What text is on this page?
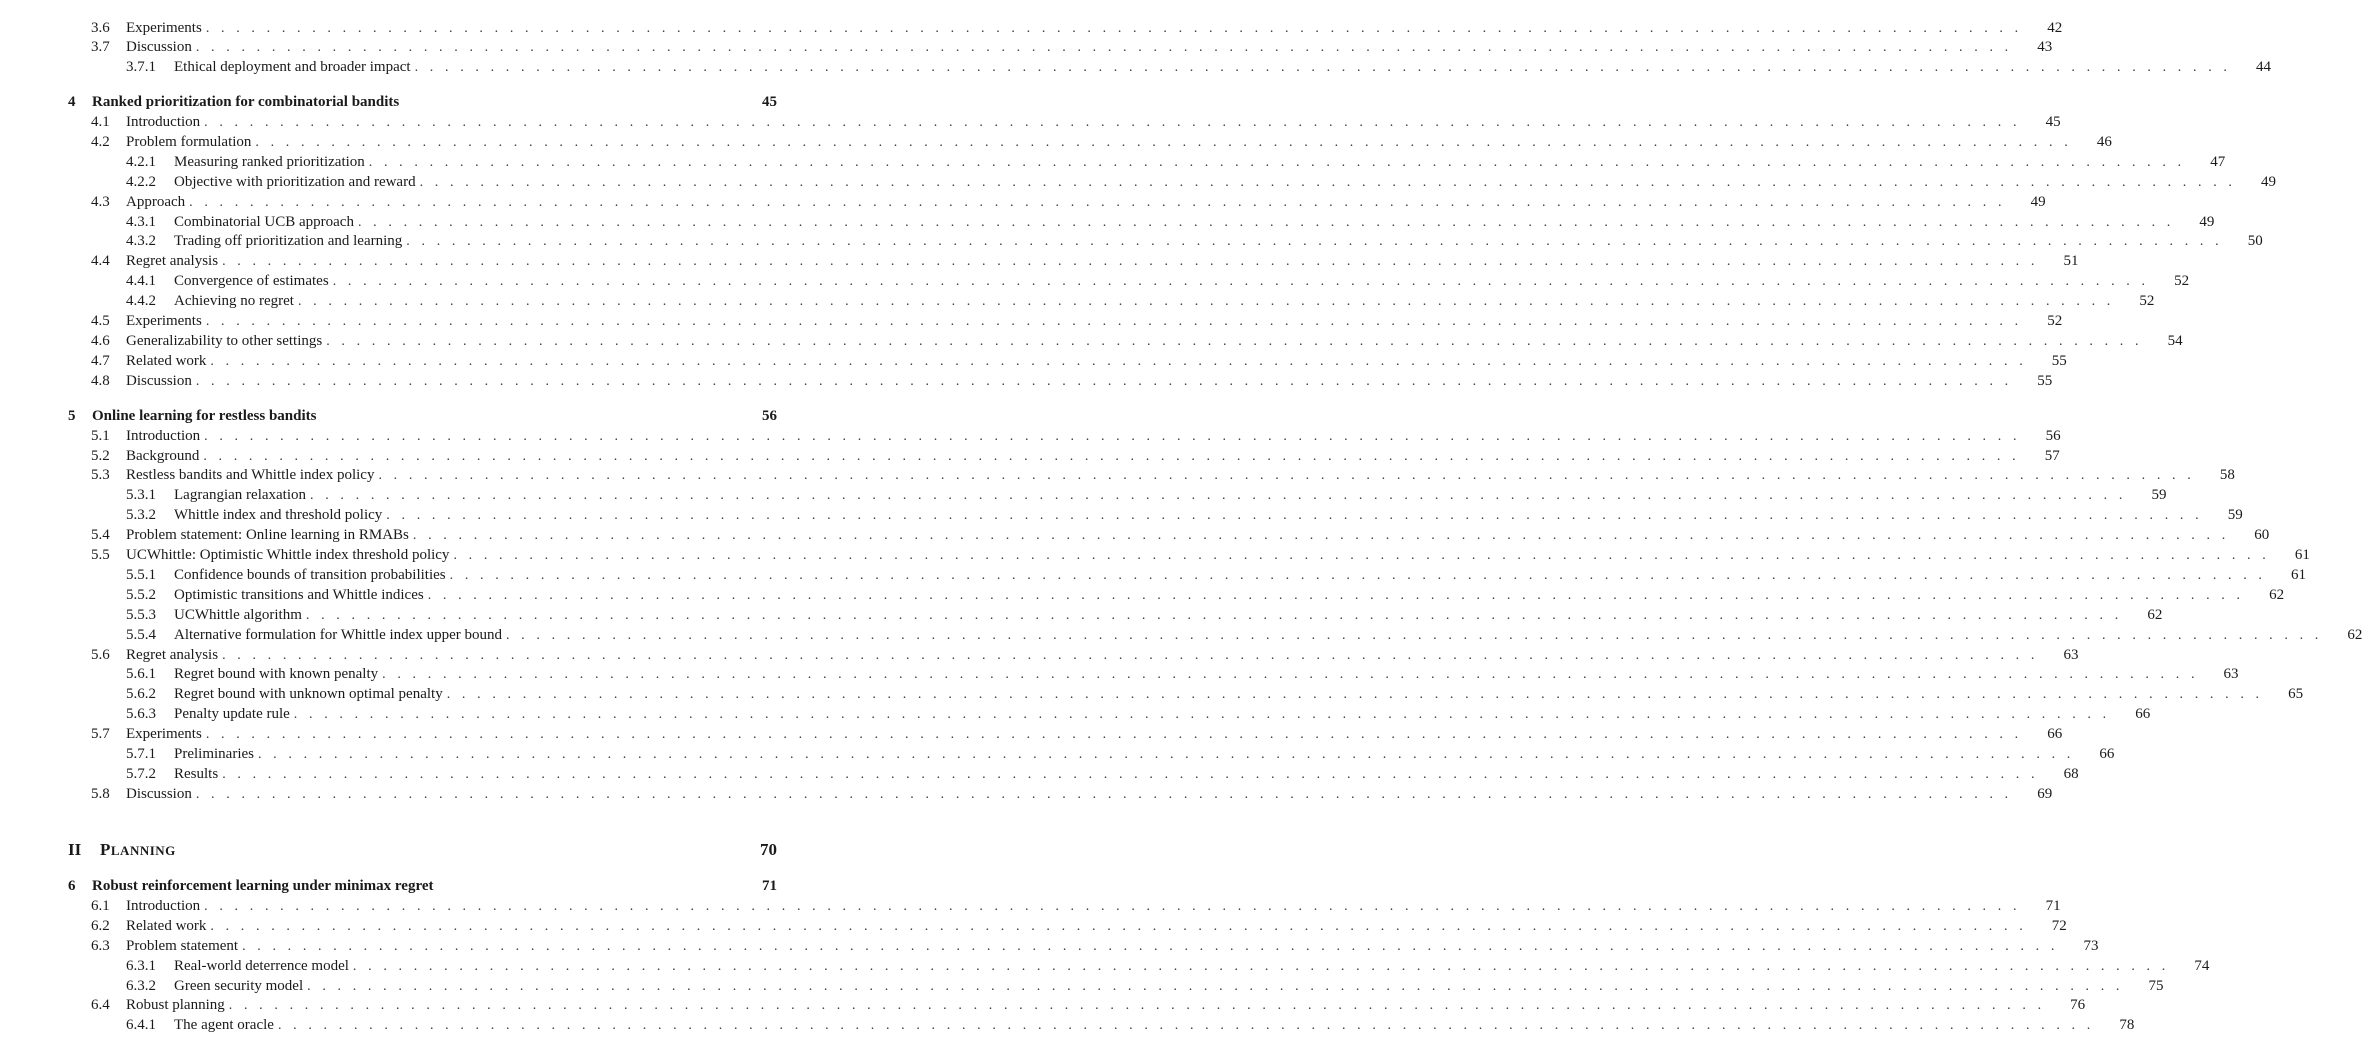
3.6	Experiments . . . . . . . . . . . . . . . . . . . . . . . . . . . . . . . . . . . . . . . . . . . . . . . . . . . . . . . . . . . . . . . . . . . . . . . . . . . . . . . . . . . . . . . . . . . . . . . . . . . . . . . . . . . . . . . . . . . . . . . .	42
3.7	Discussion . . . . . . . . . . . . . . . . . . . . . . . . . . . . . . . . . . . . . . . . . . . . . . . . . . . . . . . . . . . . . . . . . . . . . . . . . . . . . . . . . . . . . . . . . . . . . . . . . . . . . . . . . . . . . . . . . . . . . . . .	43
3.7.1	Ethical deployment and broader impact . . . . . . . . . . . . . . . . . . . . . . . . . . . . . . . . . . . . . . . . . . . . . . . . . . . . . . . . . . . . . . . . . . . . . . . . . . . . . . . . . . . . . . . . . . . . . . . . . . . . . . . . . . . . . . . . . . . . . . . .	44
4	Ranked prioritization for combinatorial bandits	45
4.1	Introduction . . . . . . . . . . . . . . . . . . . . . . . . . . . . . . . . . . . . . . . . . . . . . . . . . . . . . . . . . . . . . . . . . . . . . . . . . . . . . . . . . . . . . . . . . . . . . . . . . . . . . . . . . . . . . . . . . . . . . . . .	45
4.2	Problem formulation . . . . . . . . . . . . . . . . . . . . . . . . . . . . . . . . . . . . . . . . . . . . . . . . . . . . . . . . . . . . . . . . . . . . . . . . . . . . . . . . . . . . . . . . . . . . . . . . . . . . . . . . . . . . . . . . . . . . . . . .	46
4.2.1	Measuring ranked prioritization . . . . . . . . . . . . . . . . . . . . . . . . . . . . . . . . . . . . . . . . . . . . . . . . . . . . . . . . . . . . . . . . . . . . . . . . . . . . . . . . . . . . . . . . . . . . . . . . . . . . . . . . . . . . . . . . . . . . . . . .	47
4.2.2	Objective with prioritization and reward . . . . . . . . . . . . . . . . . . . . . . . . . . . . . . . . . . . . . . . . . . . . . . . . . . . . . . . . . . . . . . . . . . . . . . . . . . . . . . . . . . . . . . . . . . . . . . . . . . . . . . . . . . . . . . . . . . . . . . . .	49
4.3	Approach . . . . . . . . . . . . . . . . . . . . . . . . . . . . . . . . . . . . . . . . . . . . . . . . . . . . . . . . . . . . . . . . . . . . . . . . . . . . . . . . . . . . . . . . . . . . . . . . . . . . . . . . . . . . . . . . . . . . . . . .	49
4.3.1	Combinatorial UCB approach . . . . . . . . . . . . . . . . . . . . . . . . . . . . . . . . . . . . . . . . . . . . . . . . . . . . . . . . . . . . . . . . . . . . . . . . . . . . . . . . . . . . . . . . . . . . . . . . . . . . . . . . . . . . . . . . . . . . . . . .	49
4.3.2	Trading off prioritization and learning . . . . . . . . . . . . . . . . . . . . . . . . . . . . . . . . . . . . . . . . . . . . . . . . . . . . . . . . . . . . . . . . . . . . . . . . . . . . . . . . . . . . . . . . . . . . . . . . . . . . . . . . . . . . . . . . . . . . . . . .	50
4.4	Regret analysis . . . . . . . . . . . . . . . . . . . . . . . . . . . . . . . . . . . . . . . . . . . . . . . . . . . . . . . . . . . . . . . . . . . . . . . . . . . . . . . . . . . . . . . . . . . . . . . . . . . . . . . . . . . . . . . . . . . . . . . .	51
4.4.1	Convergence of estimates . . . . . . . . . . . . . . . . . . . . . . . . . . . . . . . . . . . . . . . . . . . . . . . . . . . . . . . . . . . . . . . . . . . . . . . . . . . . . . . . . . . . . . . . . . . . . . . . . . . . . . . . . . . . . . . . . . . . . . . .	52
4.4.2	Achieving no regret . . . . . . . . . . . . . . . . . . . . . . . . . . . . . . . . . . . . . . . . . . . . . . . . . . . . . . . . . . . . . . . . . . . . . . . . . . . . . . . . . . . . . . . . . . . . . . . . . . . . . . . . . . . . . . . . . . . . . . . .	52
4.5	Experiments . . . . . . . . . . . . . . . . . . . . . . . . . . . . . . . . . . . . . . . . . . . . . . . . . . . . . . . . . . . . . . . . . . . . . . . . . . . . . . . . . . . . . . . . . . . . . . . . . . . . . . . . . . . . . . . . . . . . . . . .	52
4.6	Generalizability to other settings . . . . . . . . . . . . . . . . . . . . . . . . . . . . . . . . . . . . . . . . . . . . . . . . . . . . . . . . . . . . . . . . . . . . . . . . . . . . . . . . . . . . . . . . . . . . . . . . . . . . . . . . . . . . . . . . . . . . . . . .	54
4.7	Related work . . . . . . . . . . . . . . . . . . . . . . . . . . . . . . . . . . . . . . . . . . . . . . . . . . . . . . . . . . . . . . . . . . . . . . . . . . . . . . . . . . . . . . . . . . . . . . . . . . . . . . . . . . . . . . . . . . . . . . . .	55
4.8	Discussion . . . . . . . . . . . . . . . . . . . . . . . . . . . . . . . . . . . . . . . . . . . . . . . . . . . . . . . . . . . . . . . . . . . . . . . . . . . . . . . . . . . . . . . . . . . . . . . . . . . . . . . . . . . . . . . . . . . . . . . .	55
5	Online learning for restless bandits	56
5.1	Introduction . . . . . . . . . . . . . . . . . . . . . . . . . . . . . . . . . . . . . . . . . . . . . . . . . . . . . . . . . . . . . . . . . . . . . . . . . . . . . . . . . . . . . . . . . . . . . . . . . . . . . . . . . . . . . . . . . . . . . . . .	56
5.2	Background . . . . . . . . . . . . . . . . . . . . . . . . . . . . . . . . . . . . . . . . . . . . . . . . . . . . . . . . . . . . . . . . . . . . . . . . . . . . . . . . . . . . . . . . . . . . . . . . . . . . . . . . . . . . . . . . . . . . . . . .	57
5.3	Restless bandits and Whittle index policy . . . . . . . . . . . . . . . . . . . . . . . . . . . . . . . . . . . . . . . . . . . . . . . . . . . . . . . . . . . . . . . . . . . . . . . . . . . . . . . . . . . . . . . . . . . . . . . . . . . . . . . . . . . . . . . . . . . . . . . .	58
5.3.1	Lagrangian relaxation . . . . . . . . . . . . . . . . . . . . . . . . . . . . . . . . . . . . . . . . . . . . . . . . . . . . . . . . . . . . . . . . . . . . . . . . . . . . . . . . . . . . . . . . . . . . . . . . . . . . . . . . . . . . . . . . . . . . . . . .	59
5.3.2	Whittle index and threshold policy . . . . . . . . . . . . . . . . . . . . . . . . . . . . . . . . . . . . . . . . . . . . . . . . . . . . . . . . . . . . . . . . . . . . . . . . . . . . . . . . . . . . . . . . . . . . . . . . . . . . . . . . . . . . . . . . . . . . . . . .	59
5.4	Problem statement: Online learning in RMABs . . . . . . . . . . . . . . . . . . . . . . . . . . . . . . . . . . . . . . . . . . . . . . . . . . . . . . . . . . . . . . . . . . . . . . . . . . . . . . . . . . . . . . . . . . . . . . . . . . . . . . . . . . . . . . . . . . . . . . . .	60
5.5	UCWhittle: Optimistic Whittle index threshold policy . . . . . . . . . . . . . . . . . . . . . . . . . . . . . . . . . . . . . . . . . . . . . . . . . . . . . . . . . . . . . . . . . . . . . . . . . . . . . . . . . . . . . . . . . . . . . . . . . . . . . . . . . . . . . . . . . . . . . . . .	61
5.5.1	Confidence bounds of transition probabilities . . . . . . . . . . . . . . . . . . . . . . . . . . . . . . . . . . . . . . . . . . . . . . . . . . . . . . . . . . . . . . . . . . . . . . . . . . . . . . . . . . . . . . . . . . . . . . . . . . . . . . . . . . . . . . . . . . . . . . . .	61
5.5.2	Optimistic transitions and Whittle indices . . . . . . . . . . . . . . . . . . . . . . . . . . . . . . . . . . . . . . . . . . . . . . . . . . . . . . . . . . . . . . . . . . . . . . . . . . . . . . . . . . . . . . . . . . . . . . . . . . . . . . . . . . . . . . . . . . . . . . . .	62
5.5.3	UCWhittle algorithm . . . . . . . . . . . . . . . . . . . . . . . . . . . . . . . . . . . . . . . . . . . . . . . . . . . . . . . . . . . . . . . . . . . . . . . . . . . . . . . . . . . . . . . . . . . . . . . . . . . . . . . . . . . . . . . . . . . . . . . .	62
5.5.4	Alternative formulation for Whittle index upper bound . . . . . . . . . . . . . . . . . . . . . . . . . . . . . . . . . . . . . . . . . . . . . . . . . . . . . . . . . . . . . . . . . . . . . . . . . . . . . . . . . . . . . . . . . . . . . . . . . . . . . . . . . . . . . . . . . . . . . . . .	62
5.6	Regret analysis . . . . . . . . . . . . . . . . . . . . . . . . . . . . . . . . . . . . . . . . . . . . . . . . . . . . . . . . . . . . . . . . . . . . . . . . . . . . . . . . . . . . . . . . . . . . . . . . . . . . . . . . . . . . . . . . . . . . . . . .	63
5.6.1	Regret bound with known penalty . . . . . . . . . . . . . . . . . . . . . . . . . . . . . . . . . . . . . . . . . . . . . . . . . . . . . . . . . . . . . . . . . . . . . . . . . . . . . . . . . . . . . . . . . . . . . . . . . . . . . . . . . . . . . . . . . . . . . . . .	63
5.6.2	Regret bound with unknown optimal penalty . . . . . . . . . . . . . . . . . . . . . . . . . . . . . . . . . . . . . . . . . . . . . . . . . . . . . . . . . . . . . . . . . . . . . . . . . . . . . . . . . . . . . . . . . . . . . . . . . . . . . . . . . . . . . . . . . . . . . . . .	65
5.6.3	Penalty update rule . . . . . . . . . . . . . . . . . . . . . . . . . . . . . . . . . . . . . . . . . . . . . . . . . . . . . . . . . . . . . . . . . . . . . . . . . . . . . . . . . . . . . . . . . . . . . . . . . . . . . . . . . . . . . . . . . . . . . . . .	66
5.7	Experiments . . . . . . . . . . . . . . . . . . . . . . . . . . . . . . . . . . . . . . . . . . . . . . . . . . . . . . . . . . . . . . . . . . . . . . . . . . . . . . . . . . . . . . . . . . . . . . . . . . . . . . . . . . . . . . . . . . . . . . . .	66
5.7.1	Preliminaries . . . . . . . . . . . . . . . . . . . . . . . . . . . . . . . . . . . . . . . . . . . . . . . . . . . . . . . . . . . . . . . . . . . . . . . . . . . . . . . . . . . . . . . . . . . . . . . . . . . . . . . . . . . . . . . . . . . . . . . .	66
5.7.2	Results . . . . . . . . . . . . . . . . . . . . . . . . . . . . . . . . . . . . . . . . . . . . . . . . . . . . . . . . . . . . . . . . . . . . . . . . . . . . . . . . . . . . . . . . . . . . . . . . . . . . . . . . . . . . . . . . . . . . . . . .	68
5.8	Discussion . . . . . . . . . . . . . . . . . . . . . . . . . . . . . . . . . . . . . . . . . . . . . . . . . . . . . . . . . . . . . . . . . . . . . . . . . . . . . . . . . . . . . . . . . . . . . . . . . . . . . . . . . . . . . . . . . . . . . . . .	69
II	PLANNING	70
6	Robust reinforcement learning under minimax regret	71
6.1	Introduction . . . . . . . . . . . . . . . . . . . . . . . . . . . . . . . . . . . . . . . . . . . . . . . . . . . . . . . . . . . . . . . . . . . . . . . . . . . . . . . . . . . . . . . . . . . . . . . . . . . . . . . . . . . . . . . . . . . . . . . .	71
6.2	Related work . . . . . . . . . . . . . . . . . . . . . . . . . . . . . . . . . . . . . . . . . . . . . . . . . . . . . . . . . . . . . . . . . . . . . . . . . . . . . . . . . . . . . . . . . . . . . . . . . . . . . . . . . . . . . . . . . . . . . . . .	72
6.3	Problem statement . . . . . . . . . . . . . . . . . . . . . . . . . . . . . . . . . . . . . . . . . . . . . . . . . . . . . . . . . . . . . . . . . . . . . . . . . . . . . . . . . . . . . . . . . . . . . . . . . . . . . . . . . . . . . . . . . . . . . . . .	73
6.3.1	Real-world deterrence model . . . . . . . . . . . . . . . . . . . . . . . . . . . . . . . . . . . . . . . . . . . . . . . . . . . . . . . . . . . . . . . . . . . . . . . . . . . . . . . . . . . . . . . . . . . . . . . . . . . . . . . . . . . . . . . . . . . . . . . .	74
6.3.2	Green security model . . . . . . . . . . . . . . . . . . . . . . . . . . . . . . . . . . . . . . . . . . . . . . . . . . . . . . . . . . . . . . . . . . . . . . . . . . . . . . . . . . . . . . . . . . . . . . . . . . . . . . . . . . . . . . . . . . . . . . . .	75
6.4	Robust planning . . . . . . . . . . . . . . . . . . . . . . . . . . . . . . . . . . . . . . . . . . . . . . . . . . . . . . . . . . . . . . . . . . . . . . . . . . . . . . . . . . . . . . . . . . . . . . . . . . . . . . . . . . . . . . . . . . . . . . . .	76
6.4.1	The agent oracle . . . . . . . . . . . . . . . . . . . . . . . . . . . . . . . . . . . . . . . . . . . . . . . . . . . . . . . . . . . . . . . . . . . . . . . . . . . . . . . . . . . . . . . . . . . . . . . . . . . . . . . . . . . . . . . . . . . . . . . .	78
